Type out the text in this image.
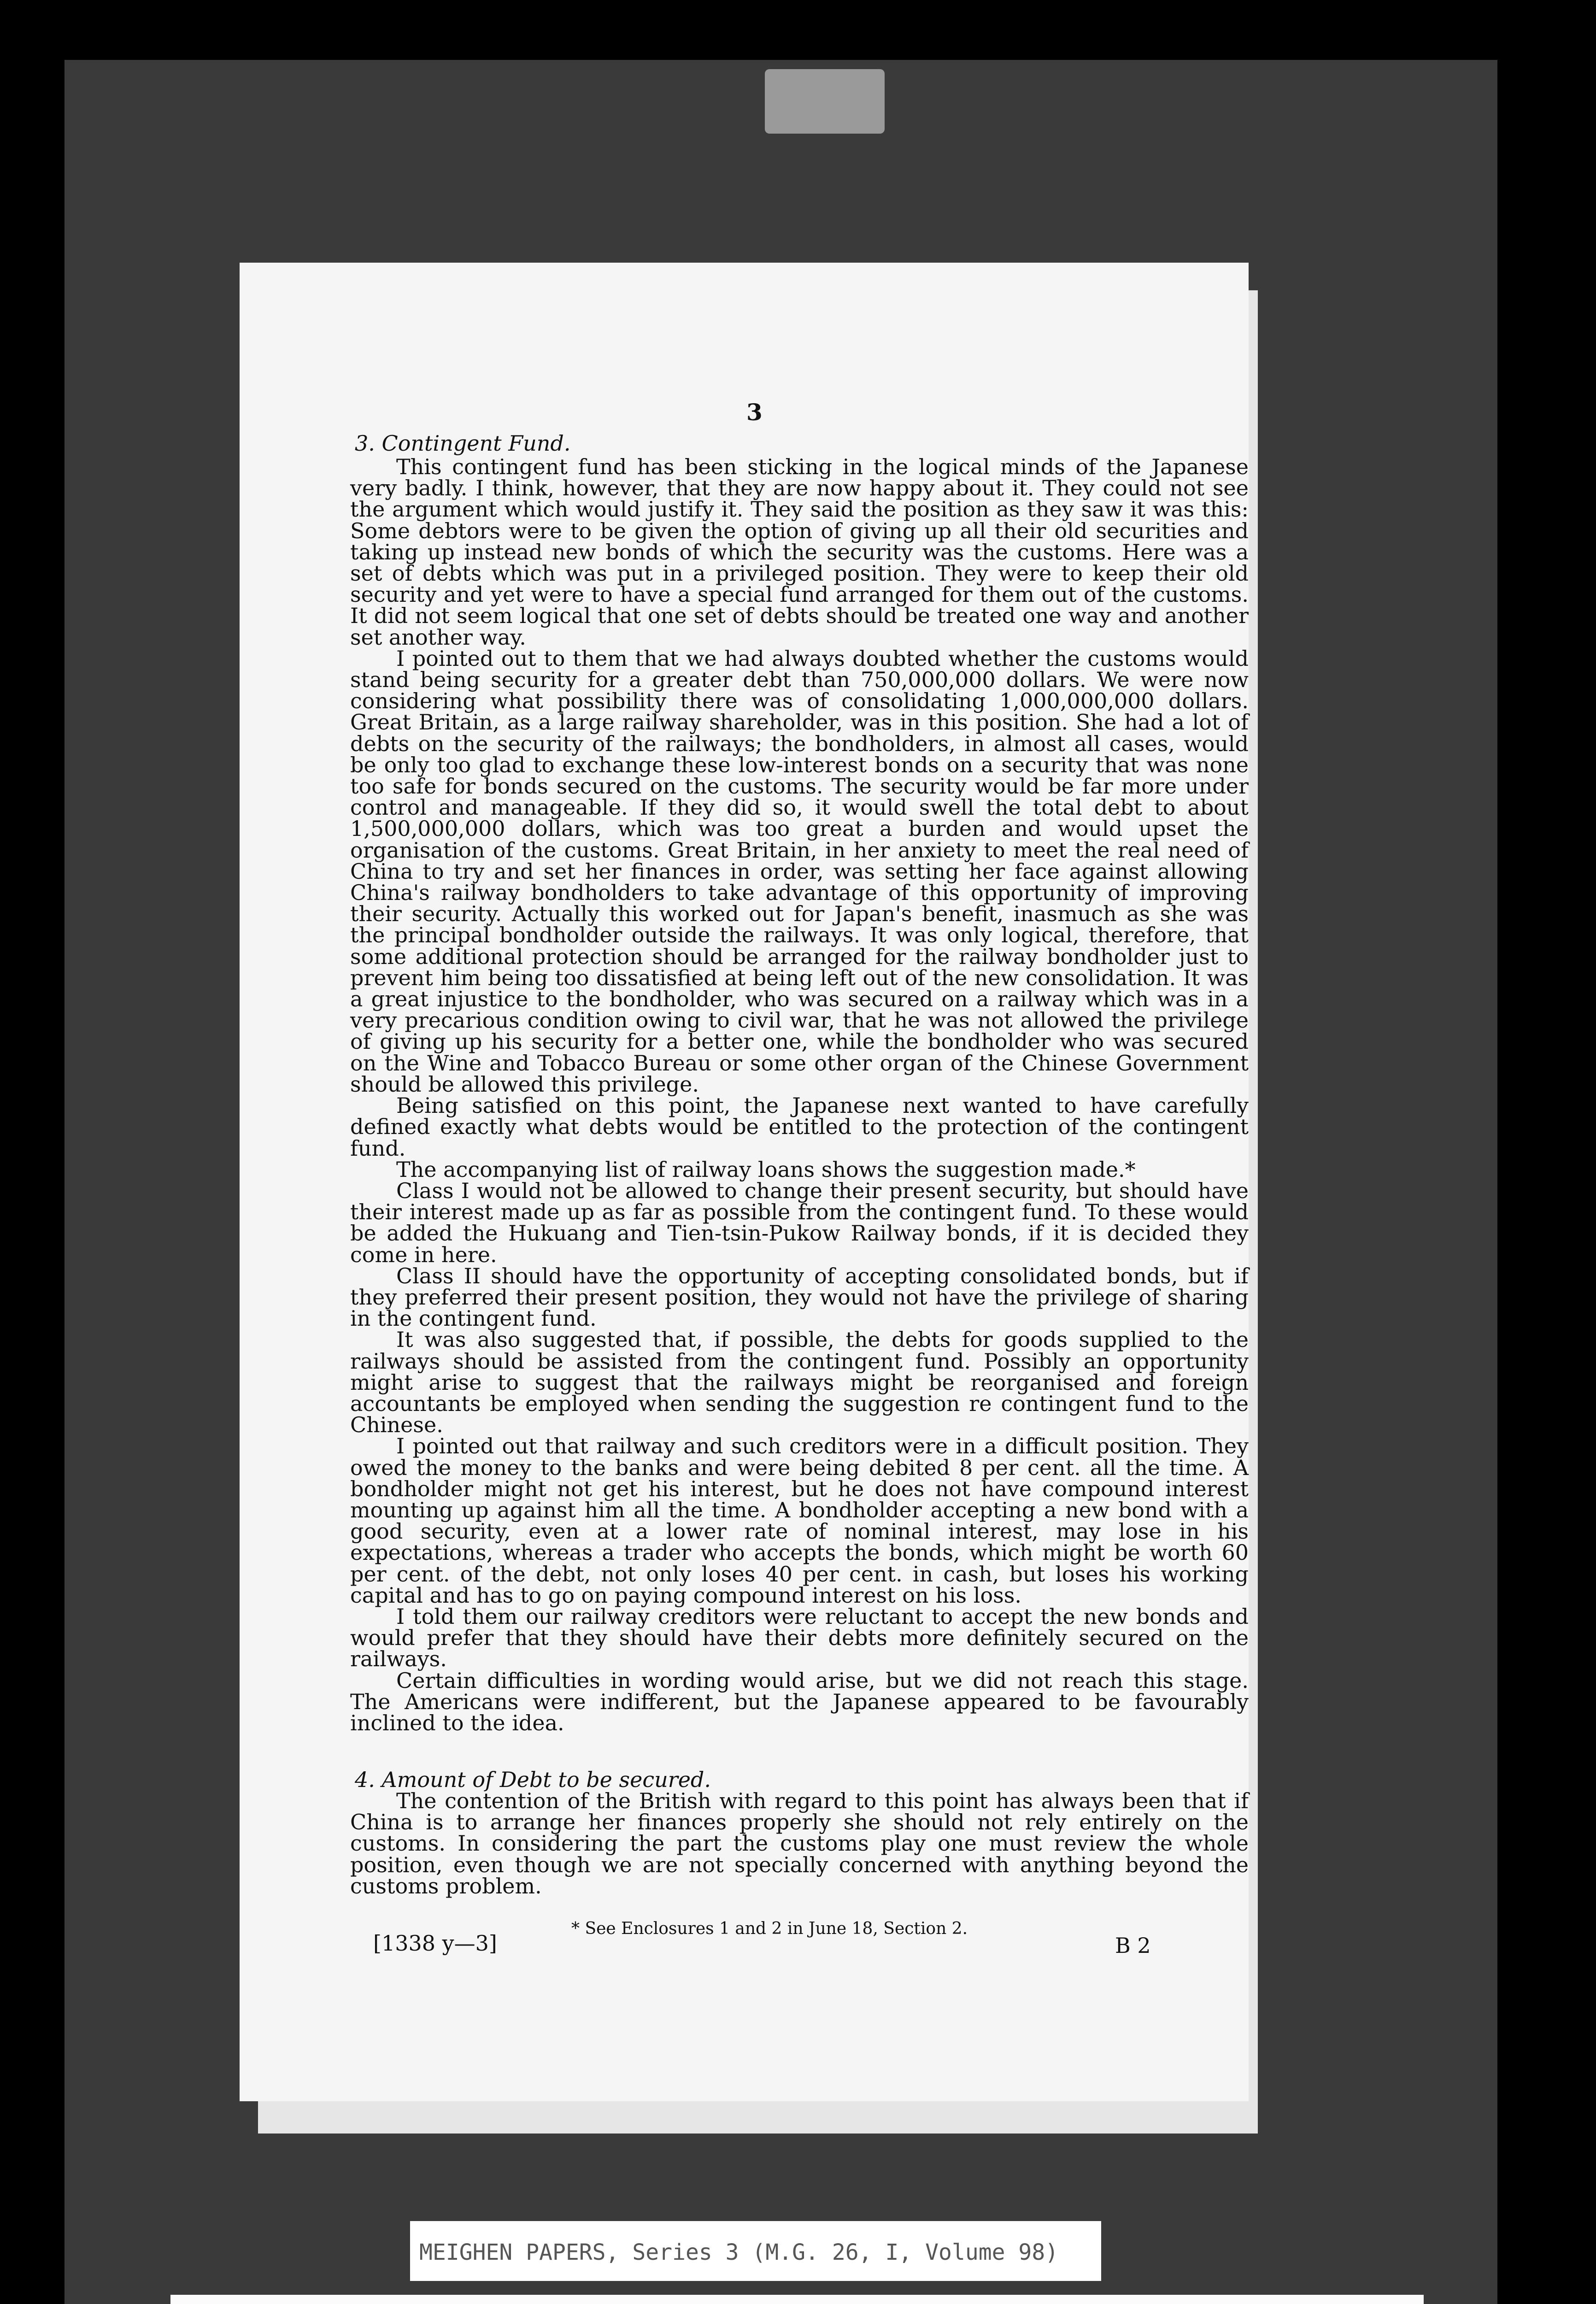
3
3. Contingent Fund.

This contingent fund has been sticking in the logical minds of the Japanese very badly. I think, however, that they are now happy about it. They could not see the argument which would justify it. They said the position as they saw it was this: Some debtors were to be given the option of giving up all their old securities and taking up instead new bonds of which the security was the customs. Here was a set of debts which was put in a privileged position. They were to keep their old security and yet were to have a special fund arranged for them out of the customs. It did not seem logical that one set of debts should be treated one way and another set another way.

I pointed out to them that we had always doubted whether the customs would stand being security for a greater debt than 750,000,000 dollars. We were now considering what possibility there was of consolidating 1,000,000,000 dollars. Great Britain, as a large railway shareholder, was in this position. She had a lot of debts on the security of the railways; the bondholders, in almost all cases, would be only too glad to exchange these low-interest bonds on a security that was none too safe for bonds secured on the customs. The security would be far more under control and manageable. If they did so, it would swell the total debt to about 1,500,000,000 dollars, which was too great a burden and would upset the organisation of the customs. Great Britain, in her anxiety to meet the real need of China to try and set her finances in order, was setting her face against allowing China's railway bondholders to take advantage of this opportunity of improving their security. Actually this worked out for Japan's benefit, inasmuch as she was the principal bondholder outside the railways. It was only logical, therefore, that some additional protection should be arranged for the railway bondholder just to prevent him being too dissatisfied at being left out of the new consolidation. It was a great injustice to the bondholder, who was secured on a railway which was in a very precarious condition owing to civil war, that he was not allowed the privilege of giving up his security for a better one, while the bondholder who was secured on the Wine and Tobacco Bureau or some other organ of the Chinese Government should be allowed this privilege.

Being satisfied on this point, the Japanese next wanted to have carefully defined exactly what debts would be entitled to the protection of the contingent fund.

The accompanying list of railway loans shows the suggestion made.*

Class I would not be allowed to change their present security, but should have their interest made up as far as possible from the contingent fund. To these would be added the Hukuang and Tien-tsin-Pukow Railway bonds, if it is decided they come in here.

Class II should have the opportunity of accepting consolidated bonds, but if they preferred their present position, they would not have the privilege of sharing in the contingent fund.

It was also suggested that, if possible, the debts for goods supplied to the railways should be assisted from the contingent fund. Possibly an opportunity might arise to suggest that the railways might be reorganised and foreign accountants be employed when sending the suggestion re contingent fund to the Chinese.

I pointed out that railway and such creditors were in a difficult position. They owed the money to the banks and were being debited 8 per cent. all the time. A bondholder might not get his interest, but he does not have compound interest mounting up against him all the time. A bondholder accepting a new bond with a good security, even at a lower rate of nominal interest, may lose in his expectations, whereas a trader who accepts the bonds, which might be worth 60 per cent. of the debt, not only loses 40 per cent. in cash, but loses his working capital and has to go on paying compound interest on his loss.

I told them our railway creditors were reluctant to accept the new bonds and would prefer that they should have their debts more definitely secured on the railways.

Certain difficulties in wording would arise, but we did not reach this stage. The Americans were indifferent, but the Japanese appeared to be favourably inclined to the idea.

4. Amount of Debt to be secured.

The contention of the British with regard to this point has always been that if China is to arrange her finances properly she should not rely entirely on the customs. In considering the part the customs play one must review the whole position, even though we are not specially concerned with anything beyond the customs problem.

[1338 y—3]
* See Enclosures 1 and 2 in June 18, Section 2.
B 2
MEIGHEN PAPERS, Series 3 (M.G. 26, I, Volume 98)
